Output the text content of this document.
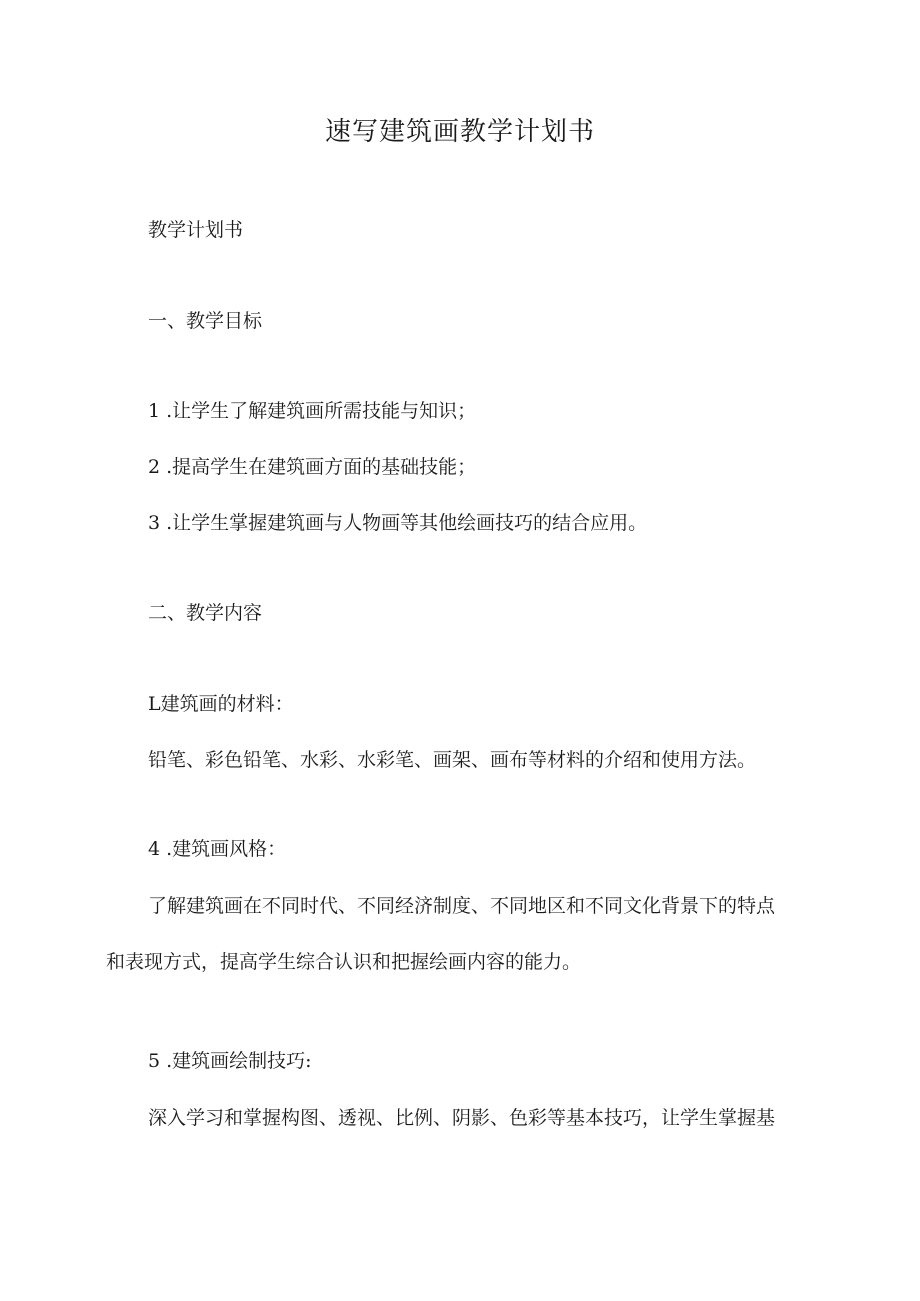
速写建筑画教学计划书
教学计划书
一、教学目标
1 .让学生了解建筑画所需技能与知识；
2 .提高学生在建筑画方面的基础技能；
3 .让学生掌握建筑画与人物画等其他绘画技巧的结合应用。
二、教学内容
L建筑画的材料：
铅笔、彩色铅笔、水彩、水彩笔、画架、画布等材料的介绍和使用方法。
4 .建筑画风格：
了解建筑画在不同时代、不同经济制度、不同地区和不同文化背景下的特点
和表现方式，提高学生综合认识和把握绘画内容的能力。
5 .建筑画绘制技巧:
深入学习和掌握构图、透视、比例、阴影、色彩等基本技巧，让学生掌握基
